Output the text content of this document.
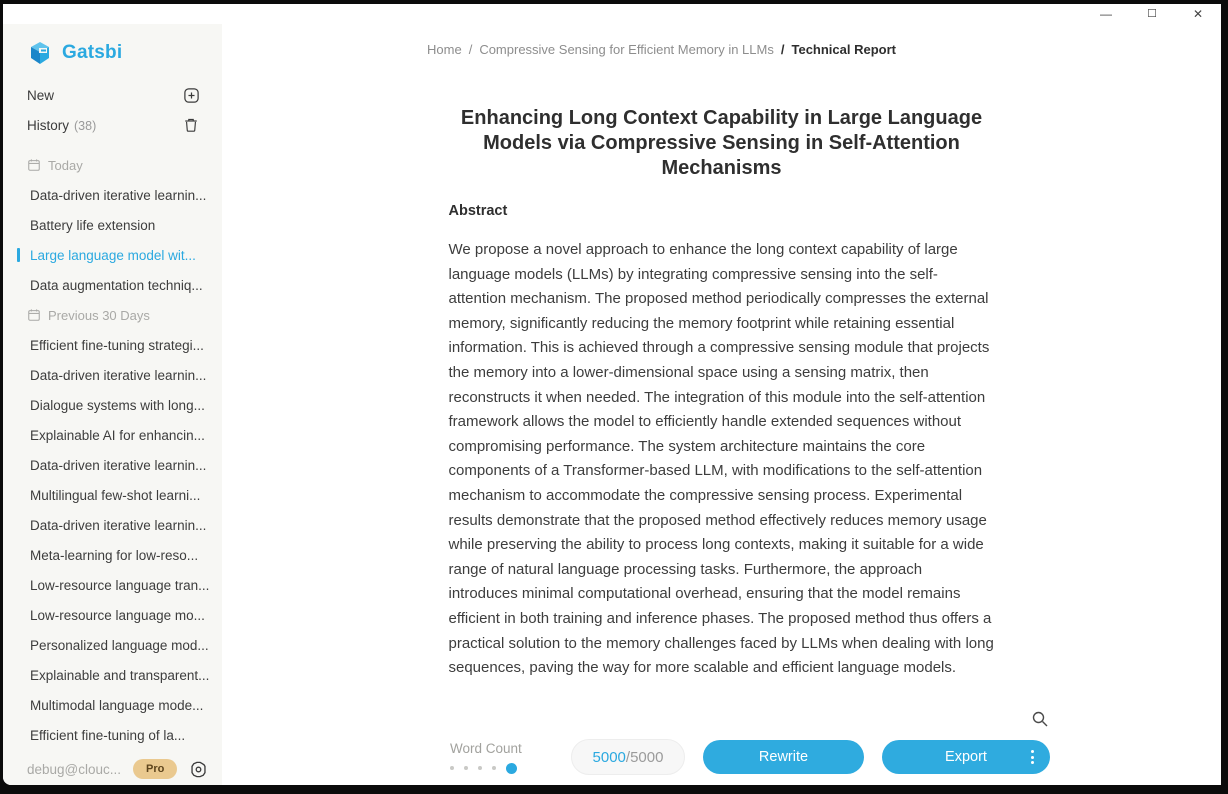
—	☐	✕
Gatsbi
New
History (38)
Today
Data-driven iterative learnin...
Battery life extension
Large language model wit...
Data augmentation techniq...
Previous 30 Days
Efficient fine-tuning strategi...
Data-driven iterative learnin...
Dialogue systems with long...
Explainable AI for enhancin...
Data-driven iterative learnin...
Multilingual few-shot learni...
Data-driven iterative learnin...
Meta-learning for low-reso...
Low-resource language tran...
Low-resource language mo...
Personalized language mod...
Explainable and transparent...
Multimodal language mode...
Efficient fine-tuning of la...
debug@clouc...	Pro
Home / Compressive Sensing for Efficient Memory in LLMs / Technical Report
Enhancing Long Context Capability in Large Language Models via Compressive Sensing in Self-Attention Mechanisms
Abstract

We propose a novel approach to enhance the long context capability of large language models (LLMs) by integrating compressive sensing into the self-attention mechanism. The proposed method periodically compresses the external memory, significantly reducing the memory footprint while retaining essential information. This is achieved through a compressive sensing module that projects the memory into a lower-dimensional space using a sensing matrix, then reconstructs it when needed. The integration of this module into the self-attention framework allows the model to efficiently handle extended sequences without compromising performance. The system architecture maintains the core components of a Transformer-based LLM, with modifications to the self-attention mechanism to accommodate the compressive sensing process. Experimental results demonstrate that the proposed method effectively reduces memory usage while preserving the ability to process long contexts, making it suitable for a wide range of natural language processing tasks. Furthermore, the approach introduces minimal computational overhead, ensuring that the model remains efficient in both training and inference phases. The proposed method thus offers a practical solution to the memory challenges faced by LLMs when dealing with long sequences, paving the way for more scalable and efficient language models.

Word Count	5000 /5000	Rewrite	Export
